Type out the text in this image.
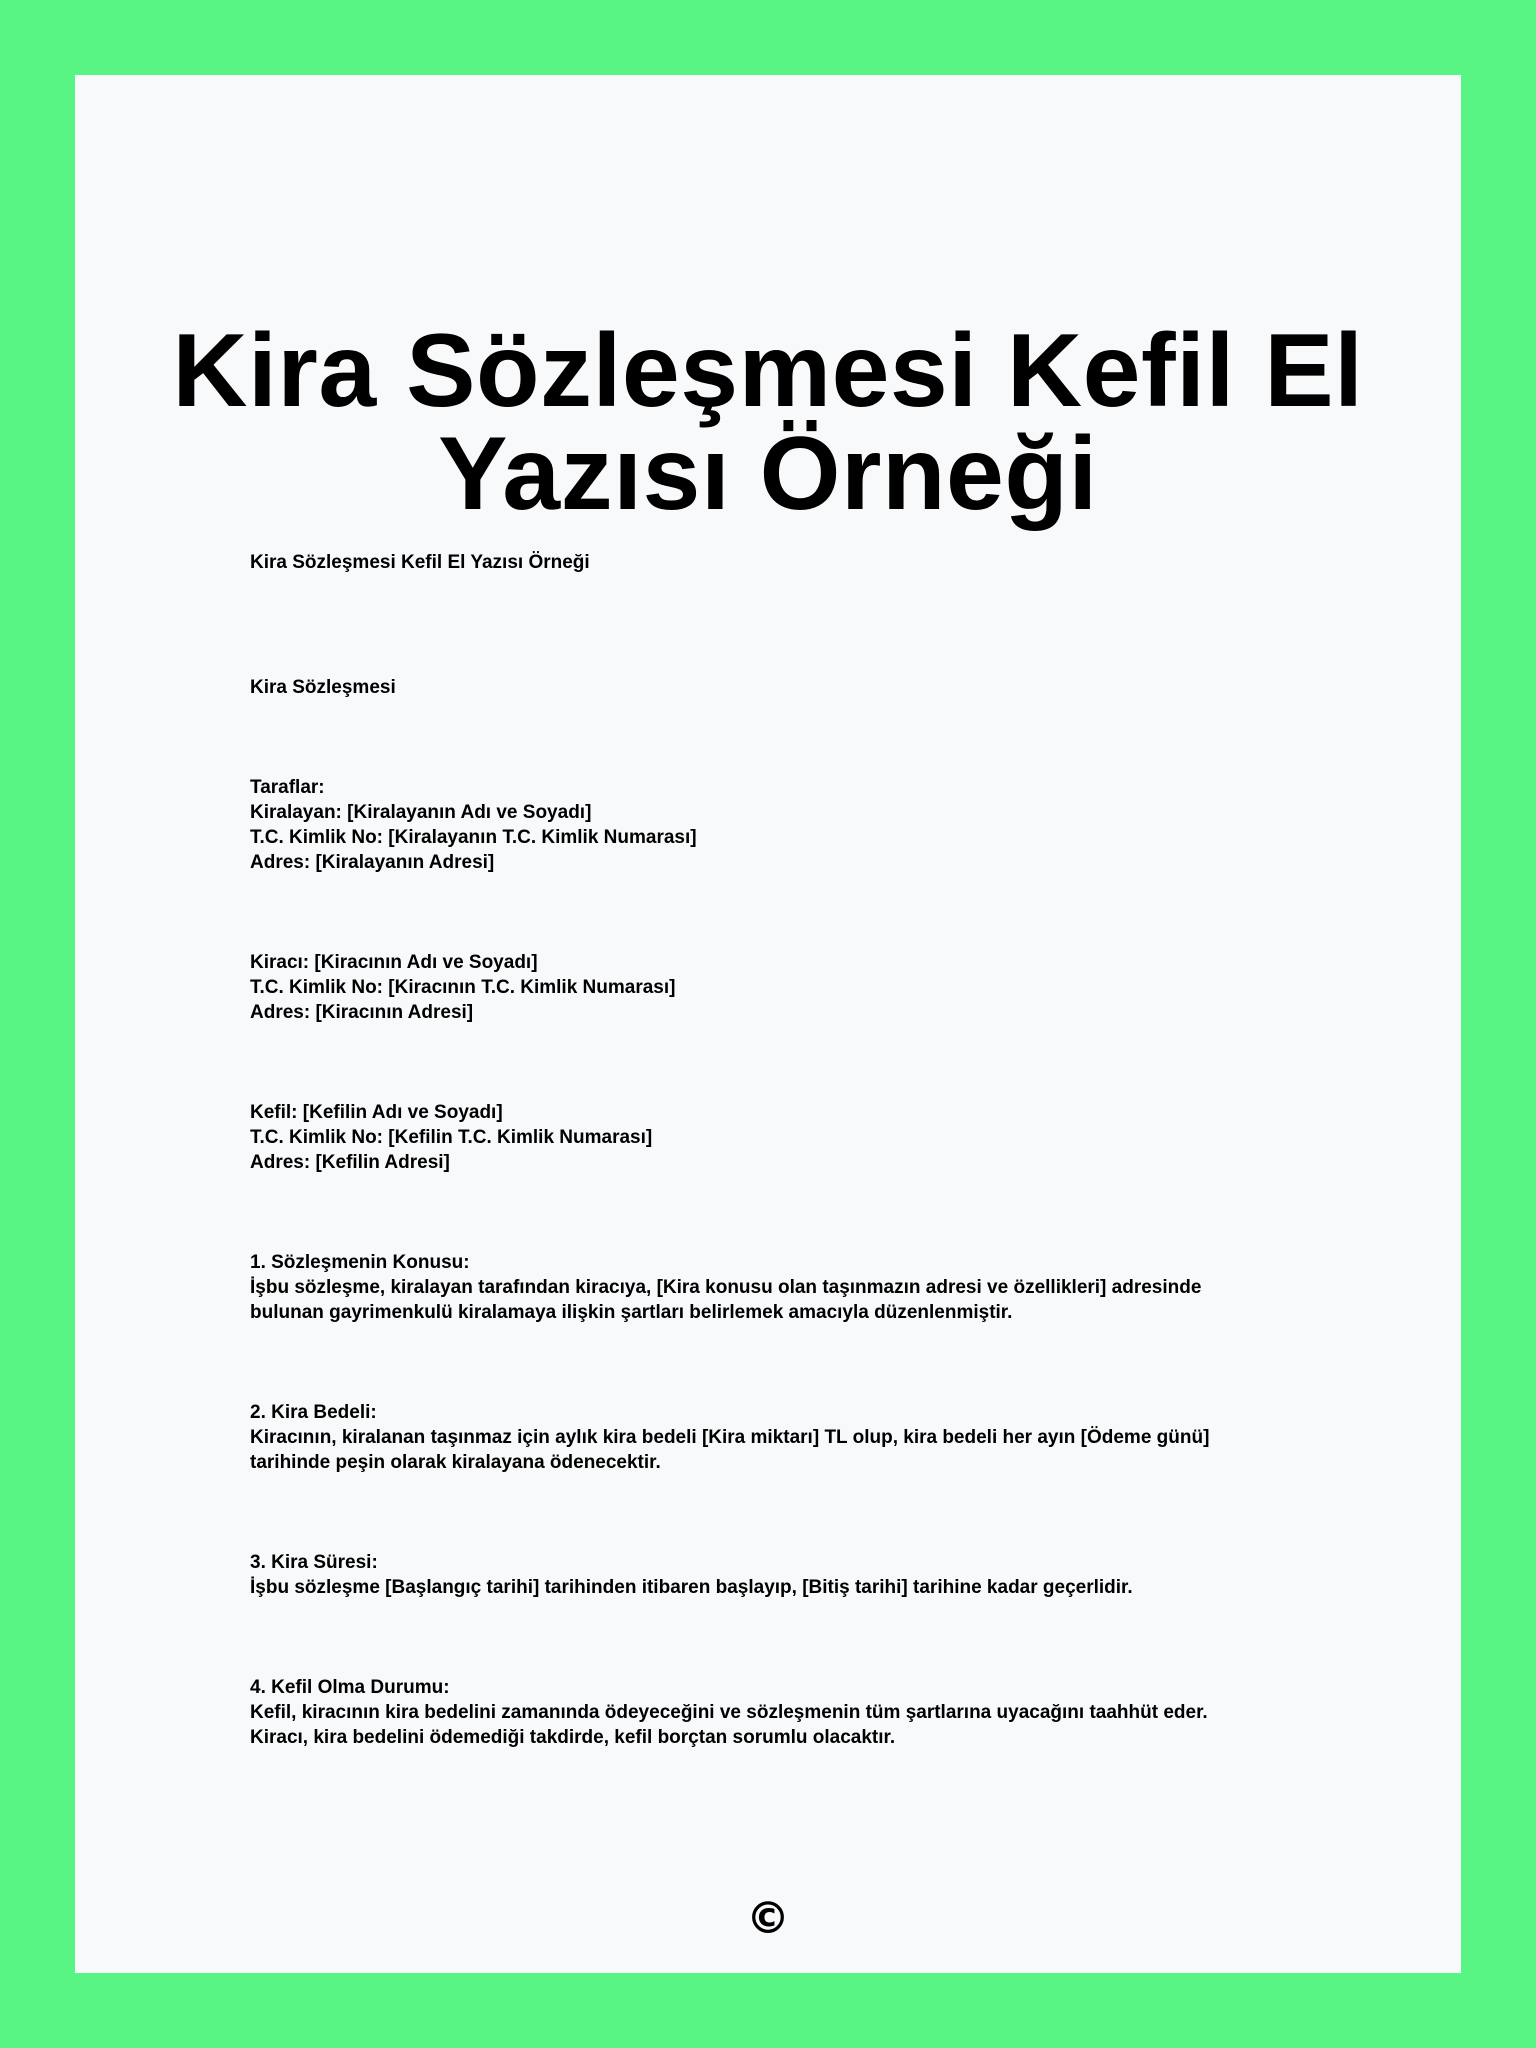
Kira Sözleşmesi Kefil El
Yazısı Örneği

Kira Sözleşmesi Kefil El Yazısı Örneği

Kira Sözleşmesi

Taraflar:
Kiralayan: [Kiralayanın Adı ve Soyadı]
T.C. Kimlik No: [Kiralayanın T.C. Kimlik Numarası]
Adres: [Kiralayanın Adresi]

Kiracı: [Kiracının Adı ve Soyadı]
T.C. Kimlik No: [Kiracının T.C. Kimlik Numarası]
Adres: [Kiracının Adresi]

Kefil: [Kefilin Adı ve Soyadı]
T.C. Kimlik No: [Kefilin T.C. Kimlik Numarası]
Adres: [Kefilin Adresi]

1. Sözleşmenin Konusu:
İşbu sözleşme, kiralayan tarafından kiracıya, [Kira konusu olan taşınmazın adresi ve özellikleri] adresinde
bulunan gayrimenkulü kiralamaya ilişkin şartları belirlemek amacıyla düzenlenmiştir.

2. Kira Bedeli:
Kiracının, kiralanan taşınmaz için aylık kira bedeli [Kira miktarı] TL olup, kira bedeli her ayın [Ödeme günü]
tarihinde peşin olarak kiralayana ödenecektir.

3. Kira Süresi:
İşbu sözleşme [Başlangıç tarihi] tarihinden itibaren başlayıp, [Bitiş tarihi] tarihine kadar geçerlidir.

4. Kefil Olma Durumu:
Kefil, kiracının kira bedelini zamanında ödeyeceğini ve sözleşmenin tüm şartlarına uyacağını taahhüt eder.
Kiracı, kira bedelini ödemediği takdirde, kefil borçtan sorumlu olacaktır.

©
